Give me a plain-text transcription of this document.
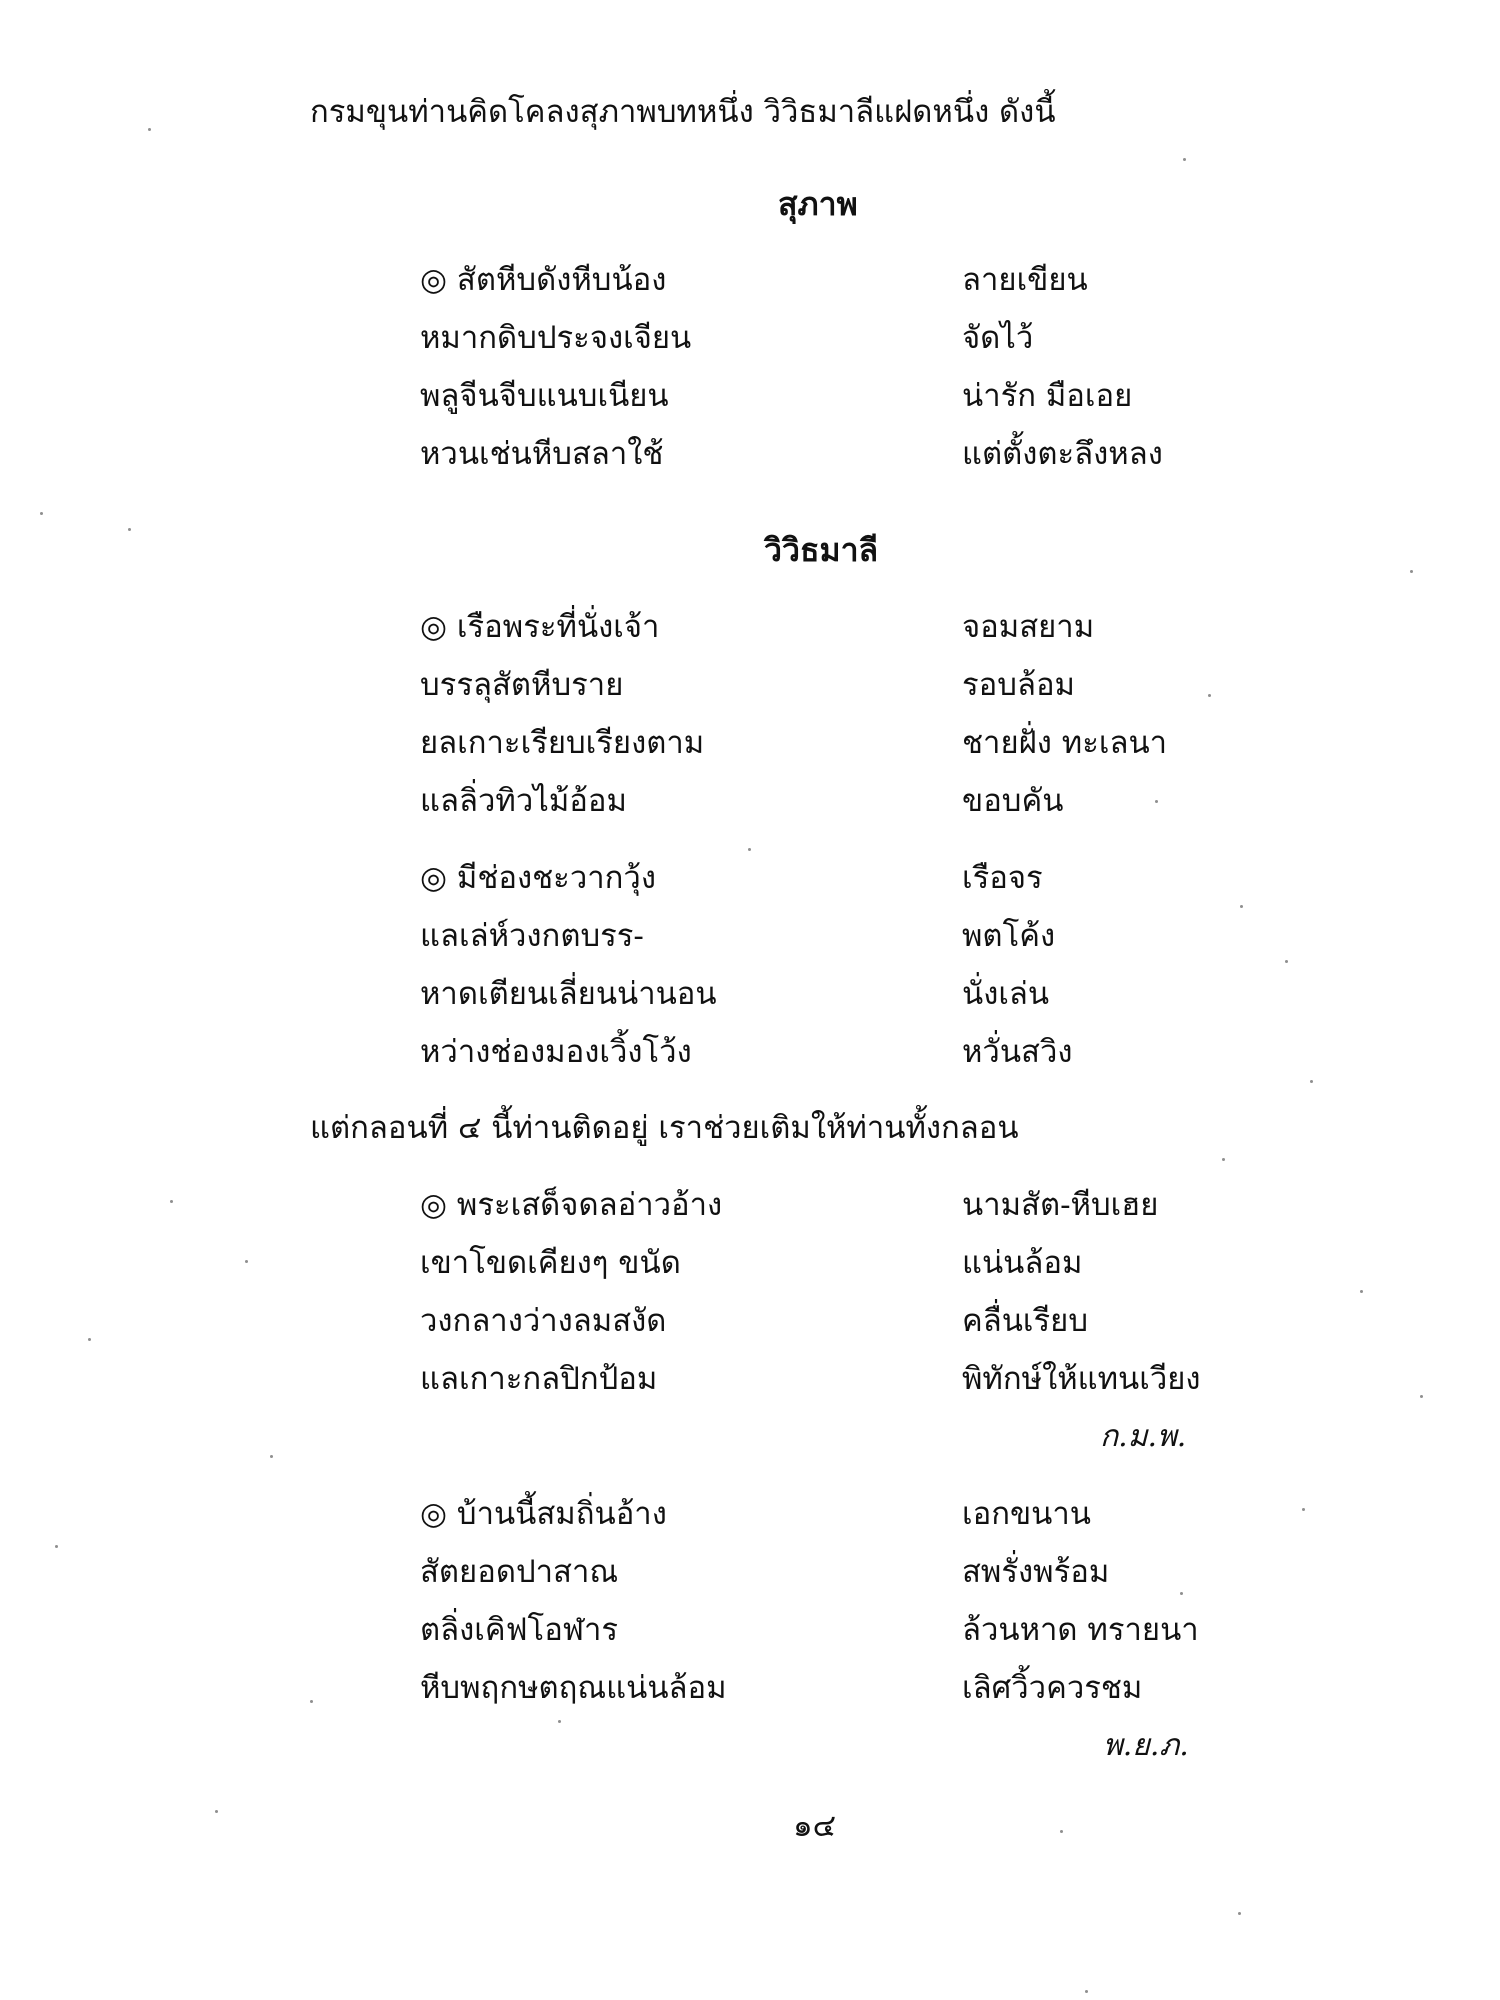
กรมขุนท่านคิดโคลงสุภาพบทหนึ่ง วิวิธมาลีแฝดหนึ่ง ดังนี้
สุภาพ
◎ สัตหีบดังหีบน้อง	ลายเขียน
หมากดิบประจงเจียน	จัดไว้
พลูจีนจีบแนบเนียน	น่ารัก มือเอย
หวนเช่นหีบสลาใช้	แต่ตั้งตะลึงหลง
วิวิธมาลี
◎ เรือพระที่นั่งเจ้า	จอมสยาม
บรรลุสัตหีบราย	รอบล้อม
ยลเกาะเรียบเรียงตาม	ชายฝั่ง ทะเลนา
แลลิ่วทิวไม้อ้อม	ขอบคัน
◎ มีช่องชะวากวุ้ง	เรือจร
แลเล่ห์วงกตบรร-	พตโค้ง
หาดเตียนเลี่ยนน่านอน	นั่งเล่น
หว่างช่องมองเวิ้งโว้ง	หวั่นสวิง
แต่กลอนที่ ๔ นี้ท่านติดอยู่ เราช่วยเติมให้ท่านทั้งกลอน
◎ พระเสด็จดลอ่าวอ้าง	นามสัต-หีบเฮย
เขาโขดเคียงๆ ขนัด	แน่นล้อม
วงกลางว่างลมสงัด	คลื่นเรียบ
แลเกาะกลปิกป้อม	พิทักษ์ให้แทนเวียง
ก.ม.พ.
◎ บ้านนี้สมถิ่นอ้าง	เอกขนาน
สัตยอดปาสาณ	สพรั่งพร้อม
ตลิ่งเคิฟโอฬาร	ล้วนหาด ทรายนา
หีบพฤกษตฤณแน่นล้อม	เลิศวิ้วควรชม
พ.ย.ภ.
๑๔
